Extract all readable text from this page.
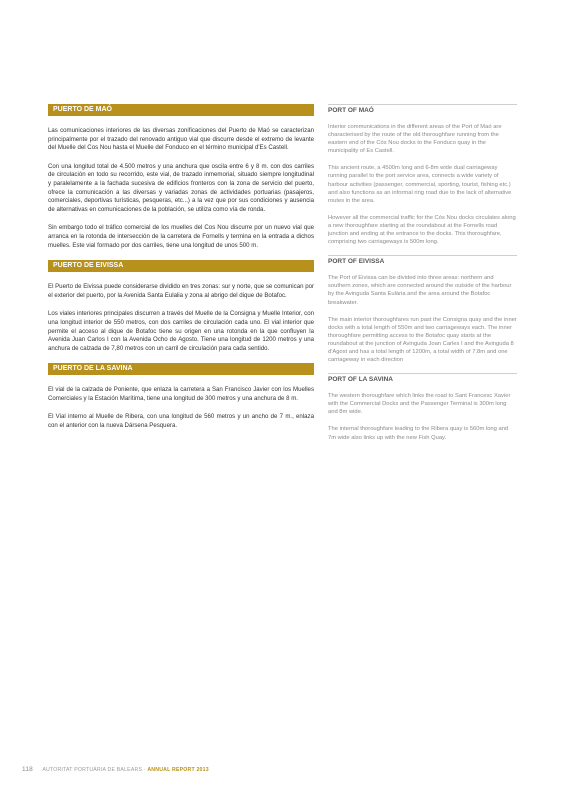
PUERTO DE MAÓ

Las comunicaciones interiores de las diversas zonificaciones del Puerto de Maó se caracterizan principalmente por el trazado del renovado antiguo vial que discurre desde el extremo de levante del Muelle del Cos Nou hasta el Muelle del Fonduco en el término municipal d'Es Castell.

Con una longitud total de 4.500 metros y una anchura que oscila entre 6 y 8 m. con dos carriles de circulación en todo su recorrido, este vial, de trazado inmemorial, situado siempre longitudinal y paralelamente a la fachada sucesiva de edificios fronteros con la zona de servicio del puerto, ofrece la comunicación a las diversas y variadas zonas de actividades portuarias (pasajeros, comerciales, deportivas turísticas, pesqueras, etc...) a la vez que por sus condiciones y ausencia de alternativas en comunicaciones de la población, se utiliza como vía de ronda.

Sin embargo todo el tráfico comercial de los muelles del Cos Nou discurre por un nuevo vial que arranca en la rotonda de intersección de la carretera de Fornells y termina en la entrada a dichos muelles. Este vial formado por dos carriles, tiene una longitud de unos 500 m.

PUERTO DE EIVISSA

El Puerto de Eivissa puede considerarse dividido en tres zonas: sur y norte, que se comunican por el exterior del puerto, por la Avenida Santa Eulalia y zona al abrigo del dique de Botafoc.

Los viales interiores principales discurren a través del Muelle de la Consigna y Muelle Interior, con una longitud interior de 550 metros, con dos carriles de circulación cada uno. El vial interior que permite el acceso al dique de Botafoc tiene su origen en una rotonda en la que confluyen la Avenida Juan Carlos I con la Avenida Ocho de Agosto. Tiene una longitud de 1200 metros y una anchura de calzada de 7,80 metros con un carril de circulación para cada sentido.

PUERTO DE LA SAVINA

El vial de la calzada de Poniente, que enlaza la carretera a San Francisco Javier con los Muelles Comerciales y la Estación Marítima, tiene una longitud de 300 metros y una anchura de 8 m.

El Vial interno al Muelle de Ribera, con una longitud de 560 metros y un ancho de 7 m., enlaza con el anterior con la nueva Dársena Pesquera.

PORT OF MAÓ

Interior communications in the different areas of the Port of Maó are characterised by the route of the old thoroughfare running from the eastern end of the Cós Nou docks to the Fonduco quay in the municipality of Es Castell.

This ancient route, a 4500m long and 6-8m wide dual carriageway running parallel to the port service area, connects a wide variety of harbour activities (passenger, commercial, sporting, tourist, fishing etc.) and also functions as an informal ring road due to the lack of alternative routes in the area.

However all the commercial traffic for the Cós Nou docks circulates along a new thoroughfare starting at the roundabout at the Fornells road junction and ending at the entrance to the docks. This thoroughfare, comprising two carriageways is 500m long.

PORT OF EIVISSA

The Port of Eivissa can be divided into three areas: northern and southern zones, which are connected around the outside of the harbour by the Avinguda Santa Eulària and the area around the Botafoc breakwater.

The main interior thoroughfares run past the Consigna quay and the inner docks with a total length of 550m and two carriageways each. The inner thoroughfare permitting access to the Botafoc quay starts at the roundabout at the junction of Avinguda Joan Carles I and the Avinguda 8 d'Agost and has a total length of 1200m, a total width of 7.8m and one carriageway in each direction

PORT OF LA SAVINA

The western thoroughfare which links the road to Sant Francesc Xavier with the Commercial Docks and the Passenger Terminal is 300m long and 8m wide.

The internal thoroughfare leading to the Ribera quay is 560m long and 7m wide also links up with the new Fish Quay.

118 AUTORITAT PORTUÀRIA DE BALEARS · ANNUAL REPORT 2013
